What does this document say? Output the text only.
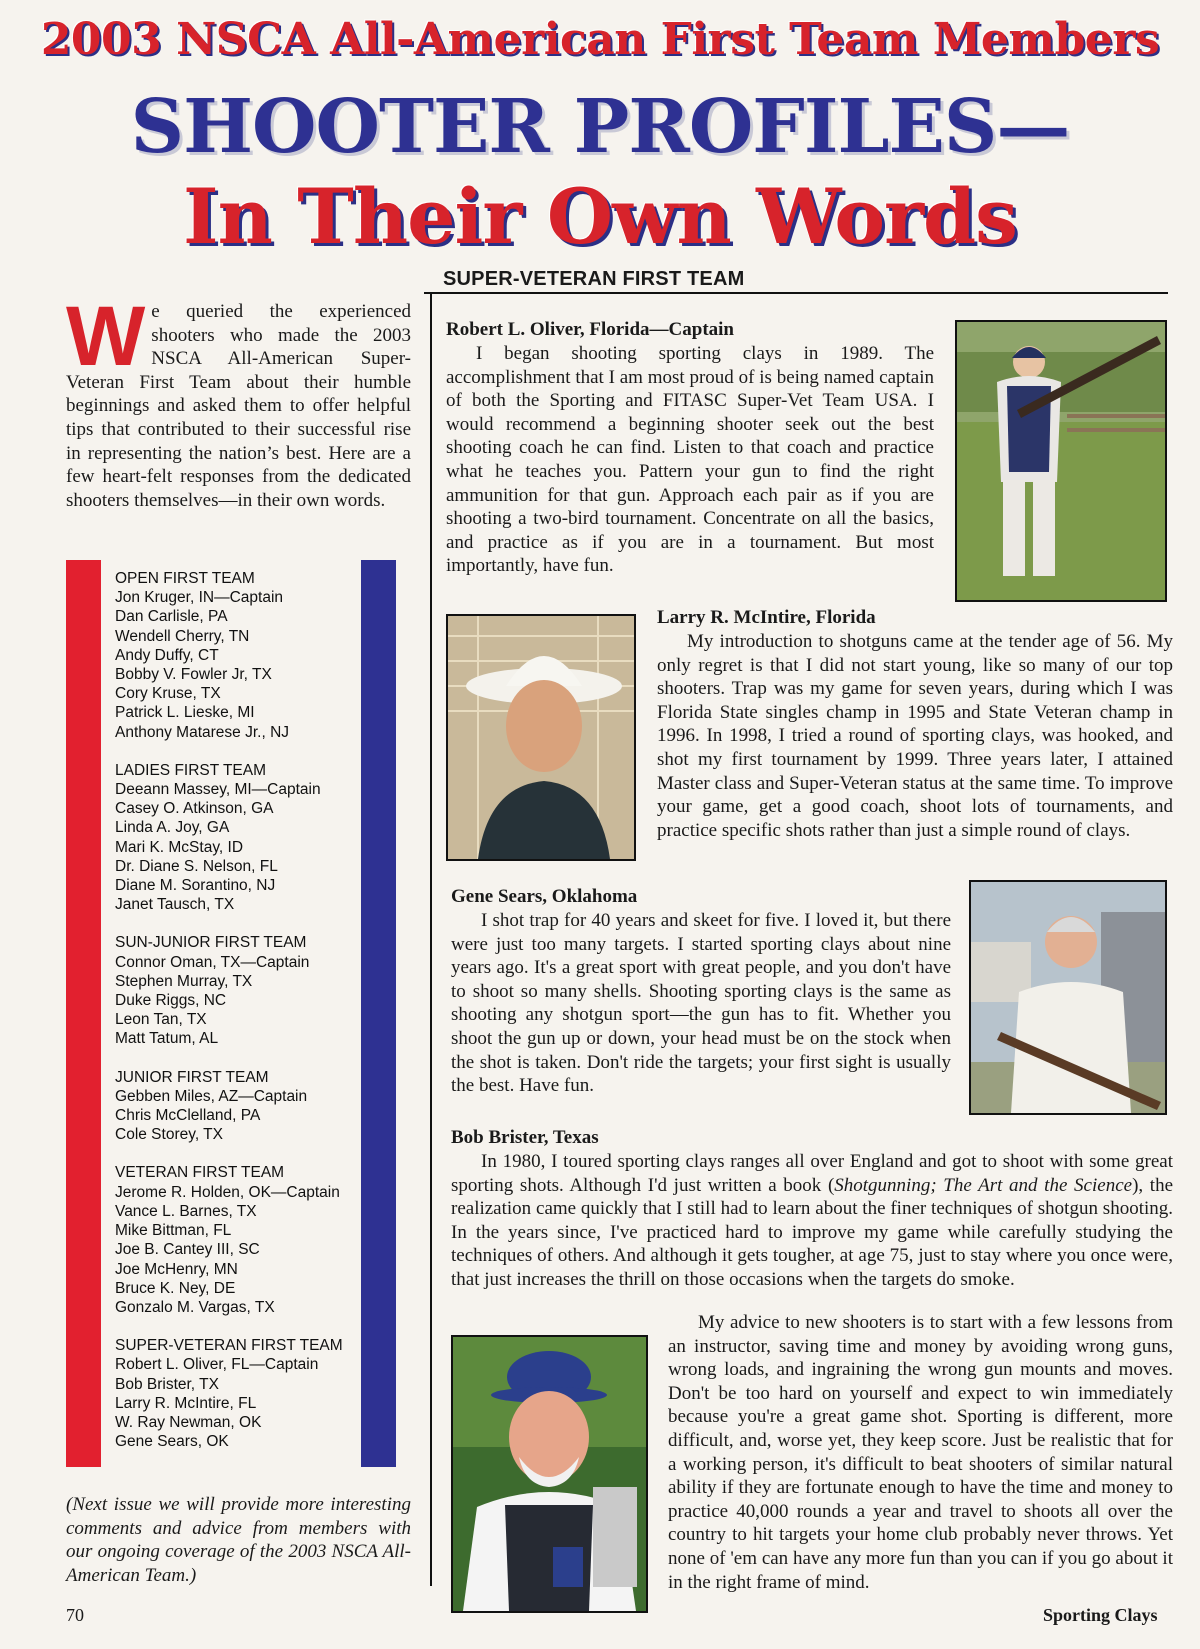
2003 NSCA All-American First Team Members
SHOOTER PROFILES—
In Their Own Words
SUPER-VETERAN FIRST TEAM
We queried the experienced shooters who made the 2003 NSCA All-American Super-Veteran First Team about their humble beginnings and asked them to offer helpful tips that contributed to their successful rise in representing the nation’s best. Here are a few heart-felt responses from the dedicated shooters themselves—in their own words.
OPEN FIRST TEAM
Jon Kruger, IN—Captain
Dan Carlisle, PA
Wendell Cherry, TN
Andy Duffy, CT
Bobby V. Fowler Jr, TX
Cory Kruse, TX
Patrick L. Lieske, MI
Anthony Matarese Jr., NJ
LADIES FIRST TEAM
Deeann Massey, MI—Captain
Casey O. Atkinson, GA
Linda A. Joy, GA
Mari K. McStay, ID
Dr. Diane S. Nelson, FL
Diane M. Sorantino, NJ
Janet Tausch, TX
SUN-JUNIOR FIRST TEAM
Connor Oman, TX—Captain
Stephen Murray, TX
Duke Riggs, NC
Leon Tan, TX
Matt Tatum, AL
JUNIOR FIRST TEAM
Gebben Miles, AZ—Captain
Chris McClelland, PA
Cole Storey, TX
VETERAN FIRST TEAM
Jerome R. Holden, OK—Captain
Vance L. Barnes, TX
Mike Bittman, FL
Joe B. Cantey III, SC
Joe McHenry, MN
Bruce K. Ney, DE
Gonzalo M. Vargas, TX
SUPER-VETERAN FIRST TEAM
Robert L. Oliver, FL—Captain
Bob Brister, TX
Larry R. McIntire, FL
W. Ray Newman, OK
Gene Sears, OK
(Next issue we will provide more interesting comments and advice from members with our ongoing coverage of the 2003 NSCA All-American Team.)
Robert L. Oliver, Florida—Captain
I began shooting sporting clays in 1989. The accomplishment that I am most proud of is being named captain of both the Sporting and FITASC Super-Vet Team USA. I would recommend a beginning shooter seek out the best shooting coach he can find. Listen to that coach and practice what he teaches you. Pattern your gun to find the right ammunition for that gun. Approach each pair as if you are shooting a two-bird tournament. Concentrate on all the basics, and practice as if you are in a tournament. But most importantly, have fun.
Larry R. McIntire, Florida
My introduction to shotguns came at the tender age of 56. My only regret is that I did not start young, like so many of our top shooters. Trap was my game for seven years, during which I was Florida State singles champ in 1995 and State Veteran champ in 1996. In 1998, I tried a round of sporting clays, was hooked, and shot my first tournament by 1999. Three years later, I attained Master class and Super-Veteran status at the same time. To improve your game, get a good coach, shoot lots of tournaments, and practice specific shots rather than just a simple round of clays.
Gene Sears, Oklahoma
I shot trap for 40 years and skeet for five. I loved it, but there were just too many targets. I started sporting clays about nine years ago. It's a great sport with great people, and you don't have to shoot so many shells. Shooting sporting clays is the same as shooting any shotgun sport—the gun has to fit. Whether you shoot the gun up or down, your head must be on the stock when the shot is taken. Don't ride the targets; your first sight is usually the best. Have fun.
Bob Brister, Texas
In 1980, I toured sporting clays ranges all over England and got to shoot with some great sporting shots. Although I'd just written a book (Shotgunning; The Art and the Science), the realization came quickly that I still had to learn about the finer techniques of shotgun shooting. In the years since, I've practiced hard to improve my game while carefully studying the techniques of others. And although it gets tougher, at age 75, just to stay where you once were, that just increases the thrill on those occasions when the targets do smoke.
My advice to new shooters is to start with a few lessons from an instructor, saving time and money by avoiding wrong guns, wrong loads, and ingraining the wrong gun mounts and moves. Don't be too hard on yourself and expect to win immediately because you're a great game shot. Sporting is different, more difficult, and, worse yet, they keep score. Just be realistic that for a working person, it's difficult to beat shooters of similar natural ability if they are fortunate enough to have the time and money to practice 40,000 rounds a year and travel to shoots all over the country to hit targets your home club probably never throws. Yet none of 'em can have any more fun than you can if you go about it in the right frame of mind.
70	Sporting Clays
